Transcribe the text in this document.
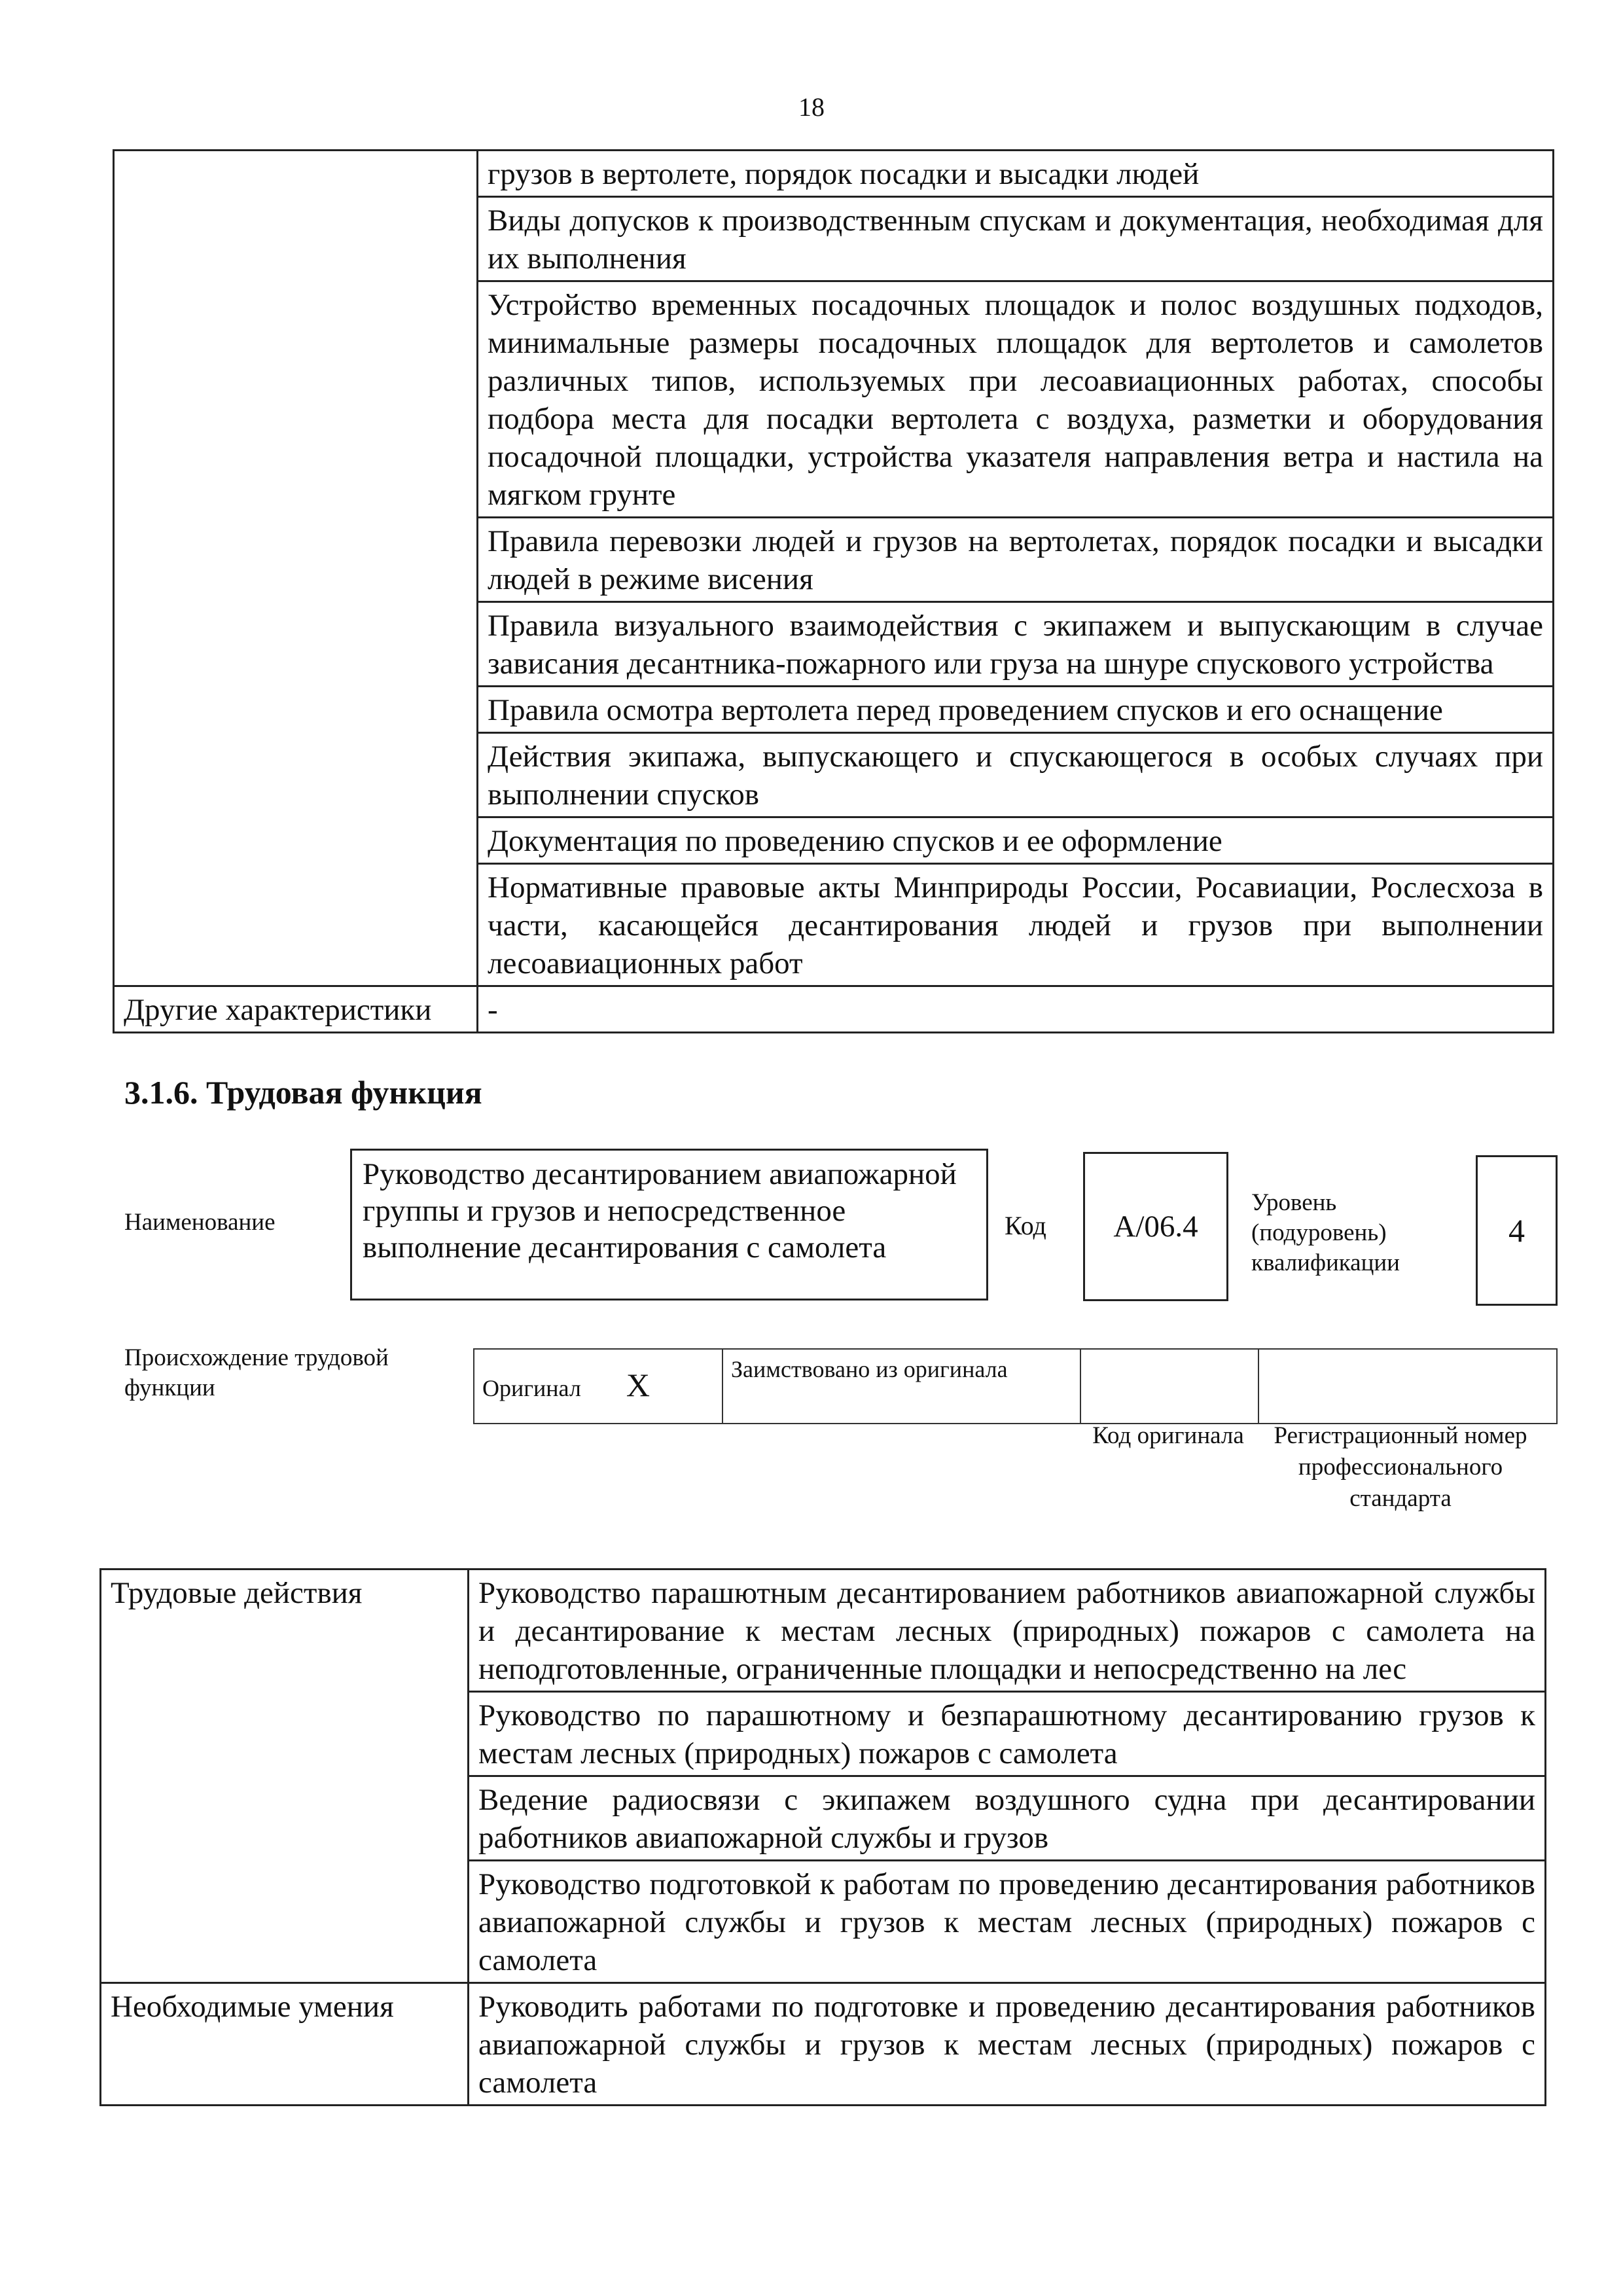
18
	грузов в вертолете, порядок посадки и высадки людей
	Виды допусков к производственным спускам и документация, необходимая для их выполнения
	Устройство временных посадочных площадок и полос воздушных подходов, минимальные размеры посадочных площадок для вертолетов и самолетов различных типов, используемых при лесоавиационных работах, способы подбора места для посадки вертолета с воздуха, разметки и оборудования посадочной площадки, устройства указателя направления ветра и настила на мягком грунте
	Правила перевозки людей и грузов на вертолетах, порядок посадки и высадки людей в режиме висения
	Правила визуального взаимодействия с экипажем и выпускающим в случае зависания десантника-пожарного или груза на шнуре спускового устройства
	Правила осмотра вертолета перед проведением спусков и его оснащение
	Действия экипажа, выпускающего и спускающегося в особых случаях при выполнении спусков
	Документация по проведению спусков и ее оформление
	Нормативные правовые акты Минприроды России, Росавиации, Рослесхоза в части, касающейся десантирования людей и грузов при выполнении лесоавиационных работ
Другие характеристики	-
3.1.6. Трудовая функция
Наименование
Руководство десантированием авиапожарной группы и грузов и непосредственное выполнение десантирования с самолета
Код А/06.4
Уровень (подуровень) квалификации
4
Происхождение трудовой функции	Оригинал X	Заимствовано из оригинала		
Код оригинала	Регистрационный номер профессионального стандарта
Трудовые действия	Руководство парашютным десантированием работников авиапожарной службы и десантирование к местам лесных (природных) пожаров с самолета на неподготовленные, ограниченные площадки и непосредственно на лес
	Руководство по парашютному и безпарашютному десантированию грузов к местам лесных (природных) пожаров с самолета
	Ведение радиосвязи с экипажем воздушного судна при десантировании работников авиапожарной службы и грузов
	Руководство подготовкой к работам по проведению десантирования работников авиапожарной службы и грузов к местам лесных (природных) пожаров с самолета
Необходимые умения	Руководить работами по подготовке и проведению десантирования работников авиапожарной службы и грузов к местам лесных (природных) пожаров с самолета
